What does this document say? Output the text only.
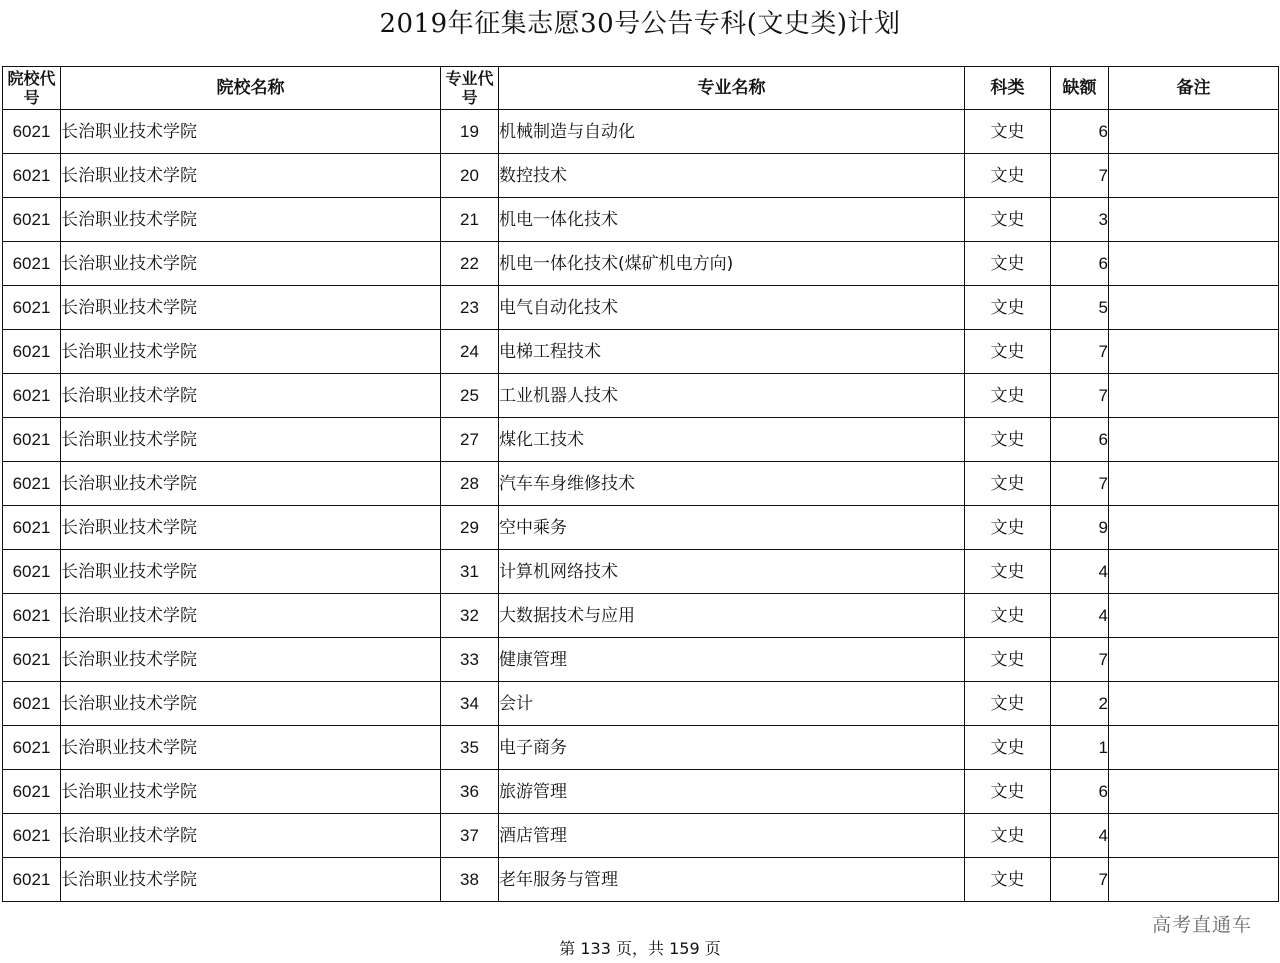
2019年征集志愿30号公告专科(文史类)计划
院校代号	院校名称	专业代号	专业名称	科类	缺额	备注
6021	长治职业技术学院	19	机械制造与自动化	文史	6	
6021	长治职业技术学院	20	数控技术	文史	7	
6021	长治职业技术学院	21	机电一体化技术	文史	3	
6021	长治职业技术学院	22	机电一体化技术(煤矿机电方向)	文史	6	
6021	长治职业技术学院	23	电气自动化技术	文史	5	
6021	长治职业技术学院	24	电梯工程技术	文史	7	
6021	长治职业技术学院	25	工业机器人技术	文史	7	
6021	长治职业技术学院	27	煤化工技术	文史	6	
6021	长治职业技术学院	28	汽车车身维修技术	文史	7	
6021	长治职业技术学院	29	空中乘务	文史	9	
6021	长治职业技术学院	31	计算机网络技术	文史	4	
6021	长治职业技术学院	32	大数据技术与应用	文史	4	
6021	长治职业技术学院	33	健康管理	文史	7	
6021	长治职业技术学院	34	会计	文史	2	
6021	长治职业技术学院	35	电子商务	文史	1	
6021	长治职业技术学院	36	旅游管理	文史	6	
6021	长治职业技术学院	37	酒店管理	文史	4	
6021	长治职业技术学院	38	老年服务与管理	文史	7	
高考直通车
第 133 页，共 159 页
